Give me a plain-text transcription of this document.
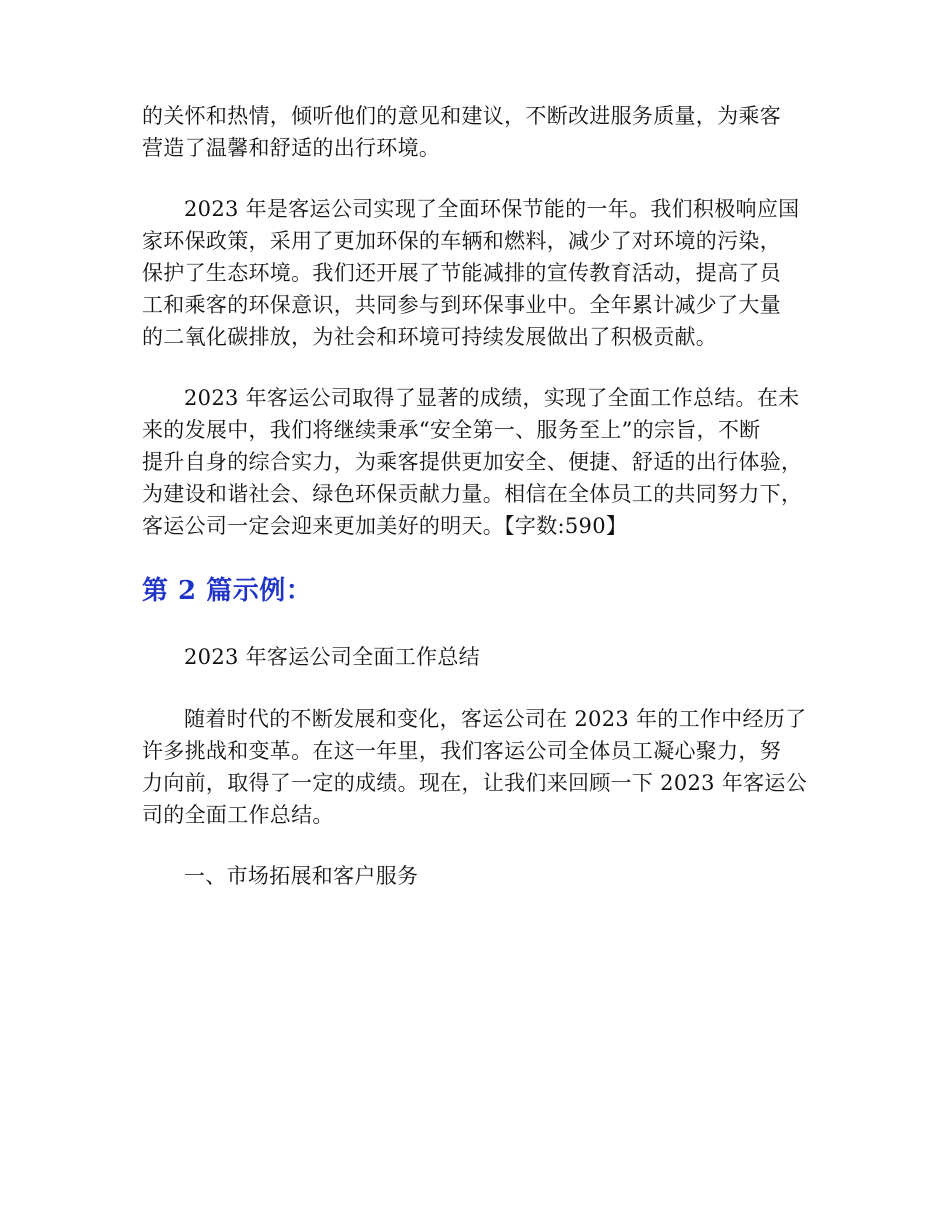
的关怀和热情，倾听他们的意见和建议，不断改进服务质量，为乘客

营造了温馨和舒适的出行环境。

2023 年是客运公司实现了全面环保节能的一年。我们积极响应国

家环保政策，采用了更加环保的车辆和燃料，减少了对环境的污染，

保护了生态环境。我们还开展了节能减排的宣传教育活动，提高了员

工和乘客的环保意识，共同参与到环保事业中。全年累计减少了大量

的二氧化碳排放，为社会和环境可持续发展做出了积极贡献。

2023 年客运公司取得了显著的成绩，实现了全面工作总结。在未

来的发展中，我们将继续秉承“安全第一、服务至上”的宗旨，不断

提升自身的综合实力，为乘客提供更加安全、便捷、舒适的出行体验，

为建设和谐社会、绿色环保贡献力量。相信在全体员工的共同努力下，

客运公司一定会迎来更加美好的明天。【字数:590】

第 2 篇示例：

2023 年客运公司全面工作总结

随着时代的不断发展和变化，客运公司在 2023 年的工作中经历了

许多挑战和变革。在这一年里，我们客运公司全体员工凝心聚力，努

力向前，取得了一定的成绩。现在，让我们来回顾一下 2023 年客运公

司的全面工作总结。

一、市场拓展和客户服务
